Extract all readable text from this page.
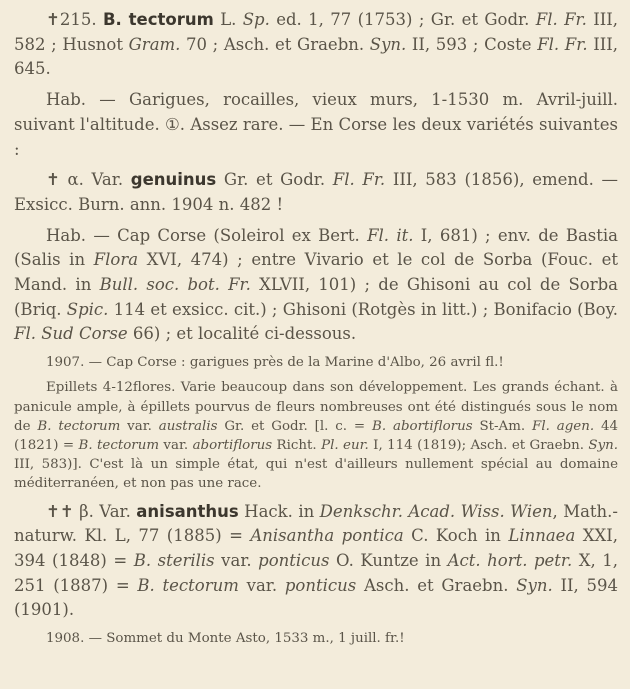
✝215. B. tectorum L. Sp. ed. 1, 77 (1753) ; Gr. et Godr. Fl. Fr. III, 582 ; Husnot Gram. 70 ; Asch. et Graebn. Syn. II, 593 ; Coste Fl. Fr. III, 645.

Hab. — Garigues, rocailles, vieux murs, 1-1530 m. Avril-juill. suivant l'altitude. ①. Assez rare. — En Corse les deux variétés suivantes :

✝ α. Var. genuinus Gr. et Godr. Fl. Fr. III, 583 (1856), emend. — Exsicc. Burn. ann. 1904 n. 482 !

Hab. — Cap Corse (Soleirol ex Bert. Fl. it. I, 681) ; env. de Bastia (Salis in Flora XVI, 474) ; entre Vivario et le col de Sorba (Fouc. et Mand. in Bull. soc. bot. Fr. XLVII, 101) ; de Ghisoni au col de Sorba (Briq. Spic. 114 et exsicc. cit.) ; Ghisoni (Rotgès in litt.) ; Bonifacio (Boy. Fl. Sud Corse 66) ; et localité ci-dessous.

1907. — Cap Corse : garigues près de la Marine d'Albo, 26 avril fl.!

Epillets 4-12flores. Varie beaucoup dans son développement. Les grands échant. à panicule ample, à épillets pourvus de fleurs nombreuses ont été distingués sous le nom de B. tectorum var. australis Gr. et Godr. [l. c. = B. abortiflorus St-Am. Fl. agen. 44 (1821) = B. tectorum var. abortiflorus Richt. Pl. eur. I, 114 (1819); Asch. et Graebn. Syn. III, 583)]. C'est là un simple état, qui n'est d'ailleurs nullement spécial au domaine méditerranéen, et non pas une race.

✝✝ β. Var. anisanthus Hack. in Denkschr. Acad. Wiss. Wien, Math.-naturw. Kl. L, 77 (1885) = Anisantha pontica C. Koch in Linnaea XXI, 394 (1848) = B. sterilis var. ponticus O. Kuntze in Act. hort. petr. X, 1, 251 (1887) = B. tectorum var. ponticus Asch. et Graebn. Syn. II, 594 (1901).

1908. — Sommet du Monte Asto, 1533 m., 1 juill. fr.!
